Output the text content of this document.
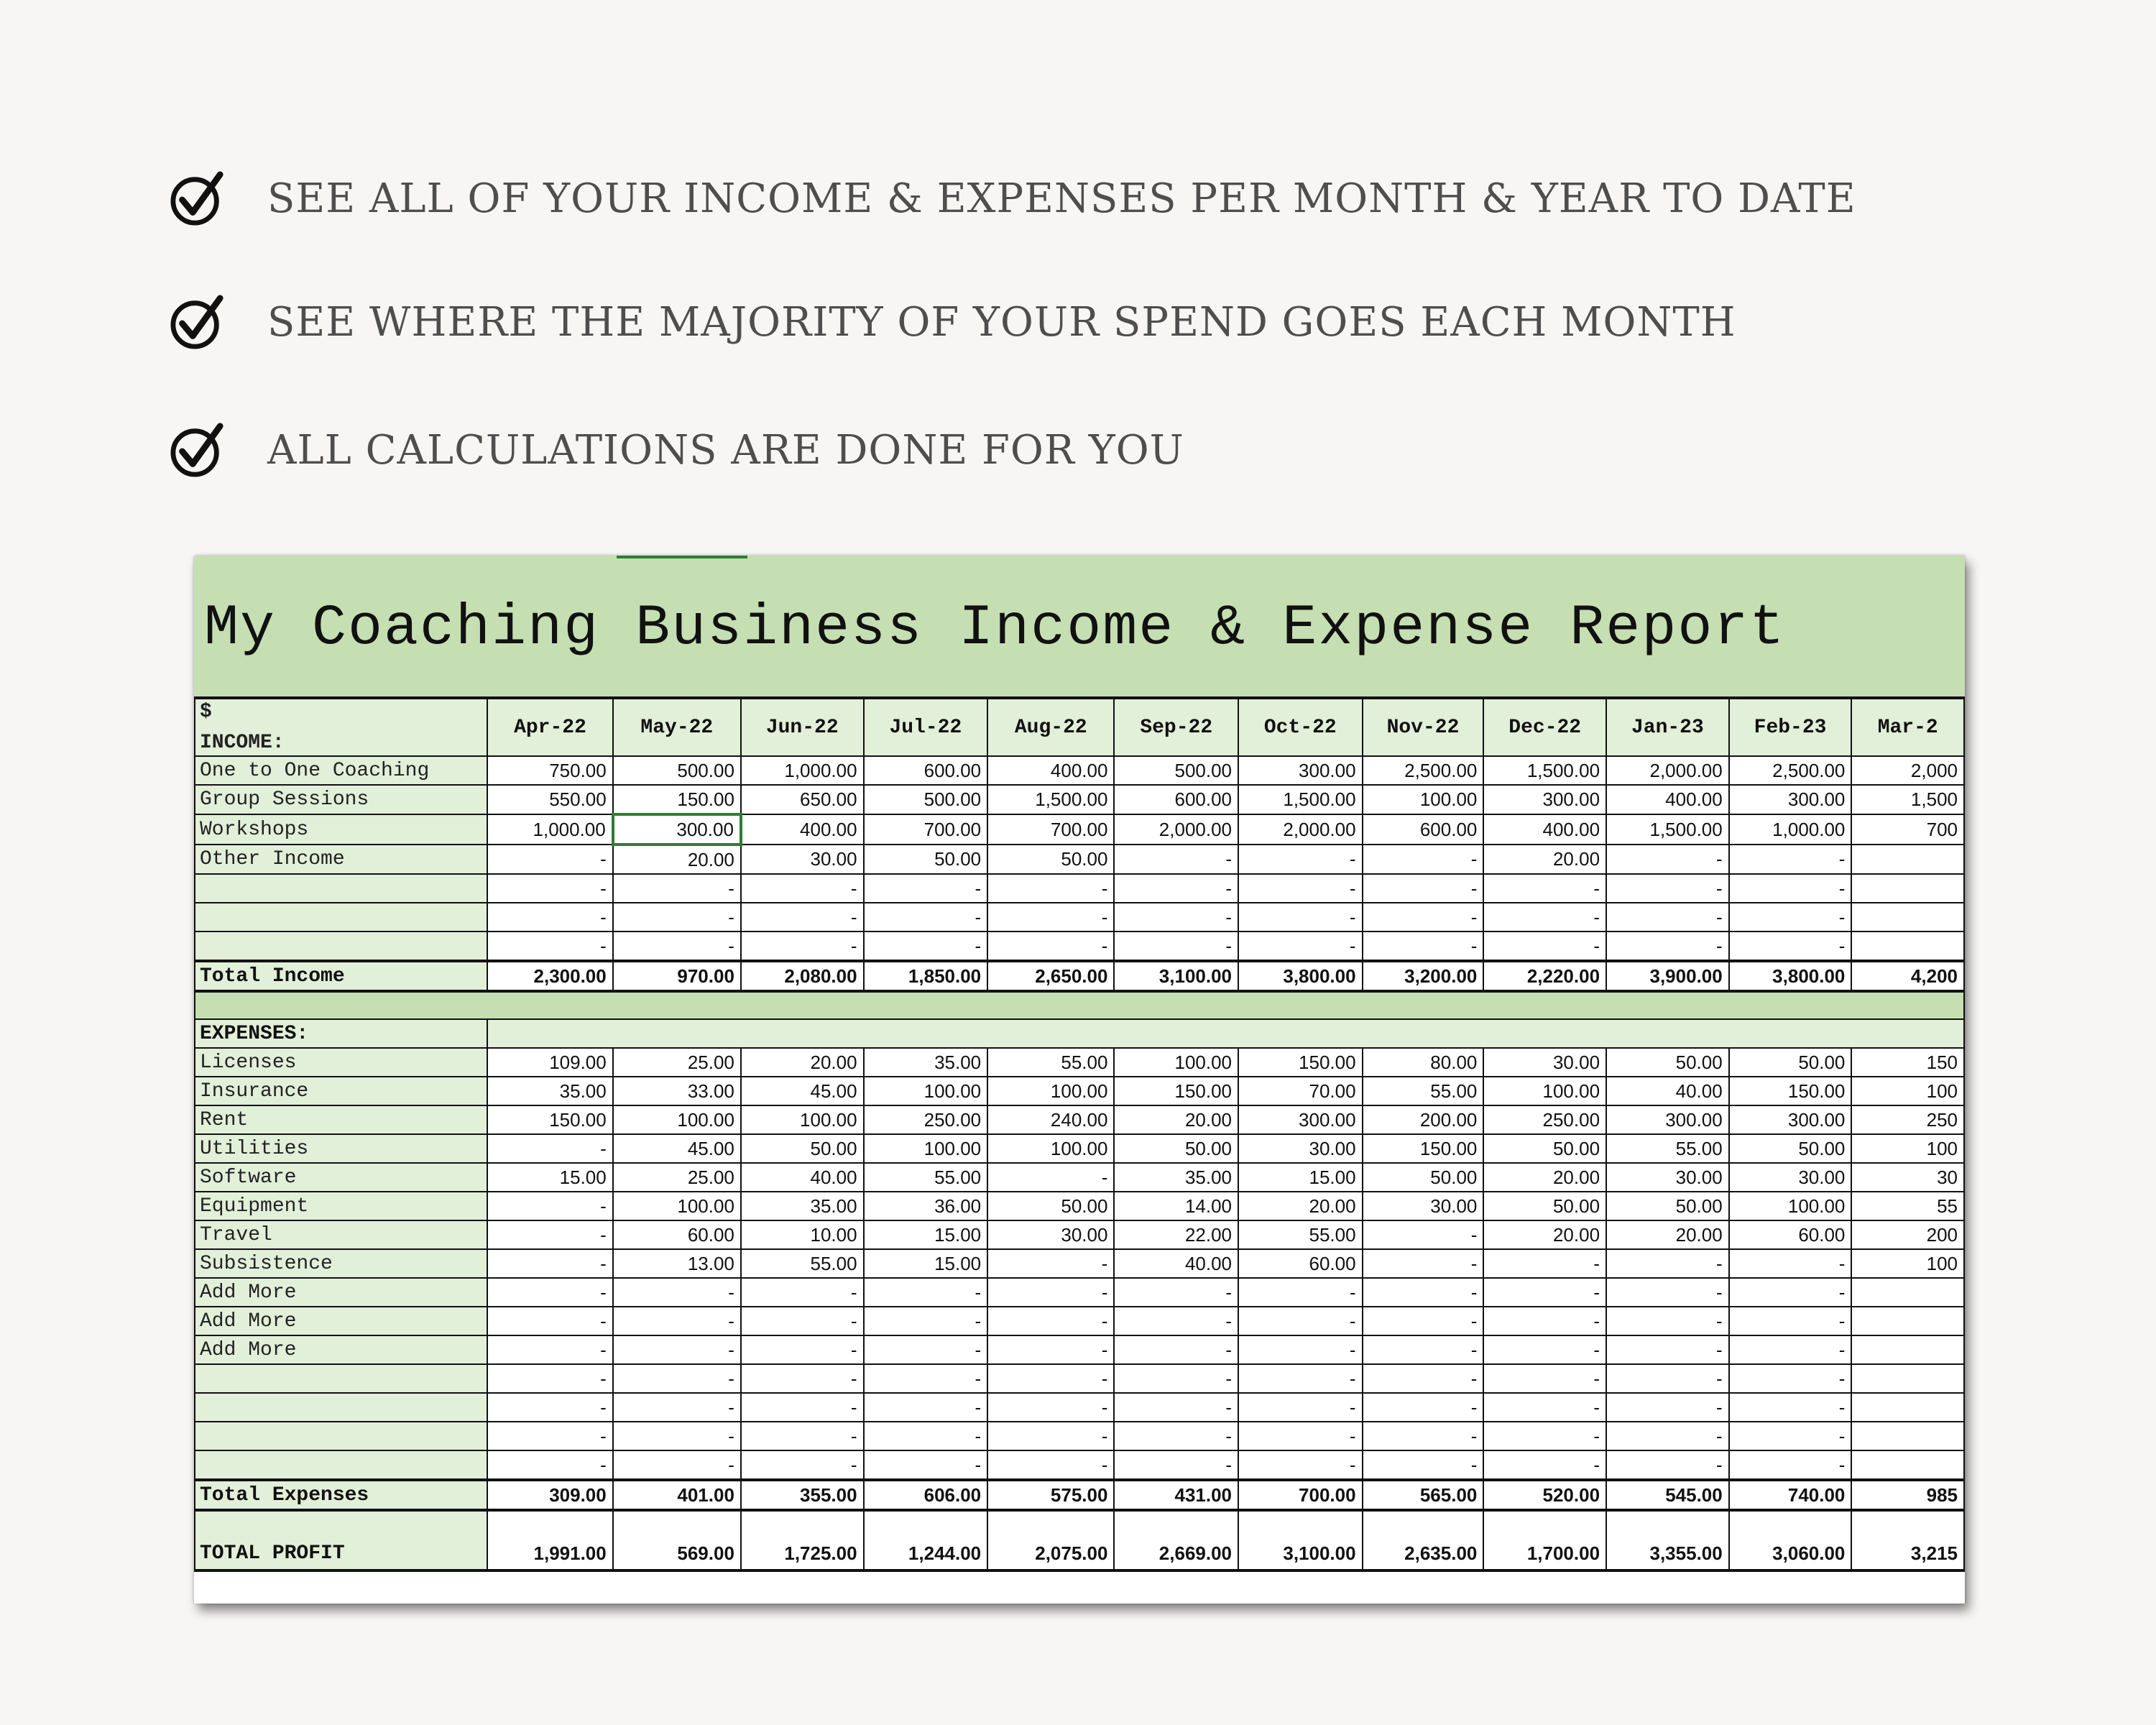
SEE ALL OF YOUR INCOME & EXPENSES PER MONTH & YEAR TO DATE
SEE WHERE THE MAJORITY OF YOUR SPEND GOES EACH MONTH
ALL CALCULATIONS ARE DONE FOR YOU
My Coaching Business Income & Expense Report
$
INCOME:	Apr-22	May-22	Jun-22	Jul-22	Aug-22	Sep-22	Oct-22	Nov-22	Dec-22	Jan-23	Feb-23	Mar-2
One to One Coaching	750.00	500.00	1,000.00	600.00	400.00	500.00	300.00	2,500.00	1,500.00	2,000.00	2,500.00	2,000
Group Sessions	550.00	150.00	650.00	500.00	1,500.00	600.00	1,500.00	100.00	300.00	400.00	300.00	1,500
Workshops	1,000.00	300.00	400.00	700.00	700.00	2,000.00	2,000.00	600.00	400.00	1,500.00	1,000.00	700
Other Income	-	20.00	30.00	50.00	50.00	-	-	-	20.00	-	-	
	-	-	-	-	-	-	-	-	-	-	-	
	-	-	-	-	-	-	-	-	-	-	-	
	-	-	-	-	-	-	-	-	-	-	-	
Total Income	2,300.00	970.00	2,080.00	1,850.00	2,650.00	3,100.00	3,800.00	3,200.00	2,220.00	3,900.00	3,800.00	4,200

EXPENSES:												
Licenses	109.00	25.00	20.00	35.00	55.00	100.00	150.00	80.00	30.00	50.00	50.00	150
Insurance	35.00	33.00	45.00	100.00	100.00	150.00	70.00	55.00	100.00	40.00	150.00	100
Rent	150.00	100.00	100.00	250.00	240.00	20.00	300.00	200.00	250.00	300.00	300.00	250
Utilities	-	45.00	50.00	100.00	100.00	50.00	30.00	150.00	50.00	55.00	50.00	100
Software	15.00	25.00	40.00	55.00	-	35.00	15.00	50.00	20.00	30.00	30.00	30
Equipment	-	100.00	35.00	36.00	50.00	14.00	20.00	30.00	50.00	50.00	100.00	55
Travel	-	60.00	10.00	15.00	30.00	22.00	55.00	-	20.00	20.00	60.00	200
Subsistence	-	13.00	55.00	15.00	-	40.00	60.00	-	-	-	-	100
Add More	-	-	-	-	-	-	-	-	-	-	-	
Add More	-	-	-	-	-	-	-	-	-	-	-	
Add More	-	-	-	-	-	-	-	-	-	-	-	
	-	-	-	-	-	-	-	-	-	-	-	
	-	-	-	-	-	-	-	-	-	-	-	
	-	-	-	-	-	-	-	-	-	-	-	
	-	-	-	-	-	-	-	-	-	-	-	
Total Expenses	309.00	401.00	355.00	606.00	575.00	431.00	700.00	565.00	520.00	545.00	740.00	985
TOTAL PROFIT	1,991.00	569.00	1,725.00	1,244.00	2,075.00	2,669.00	3,100.00	2,635.00	1,700.00	3,355.00	3,060.00	3,215
